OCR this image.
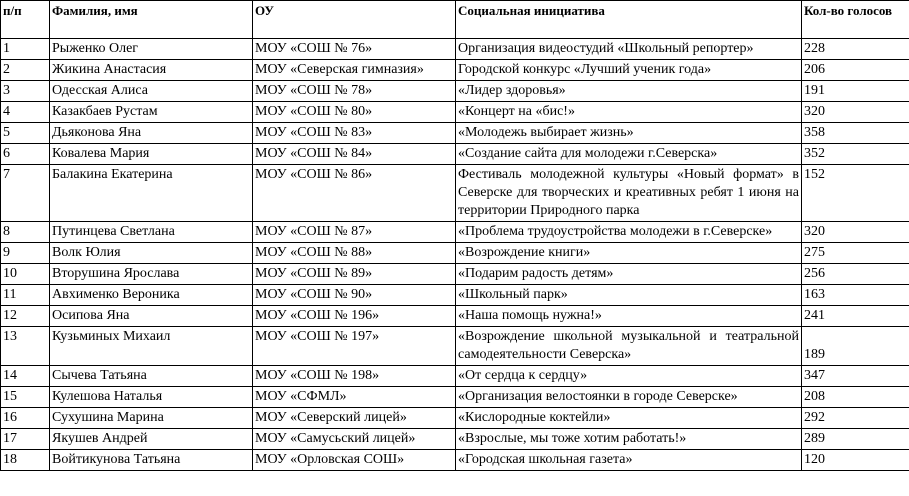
п/п	Фамилия, имя	ОУ	Социальная инициатива	Кол-во голосов
1	Рыженко Олег	МОУ «СОШ № 76»	Организация видеостудий «Школьный репортер»	228
2	Жикина Анастасия	МОУ «Северская гимназия»	Городской конкурс «Лучший ученик года»	206
3	Одесская Алиса	МОУ «СОШ № 78»	«Лидер здоровья»	191
4	Казакбаев Рустам	МОУ «СОШ № 80»	«Концерт на «бис!»	320
5	Дьяконова Яна	МОУ «СОШ № 83»	«Молодежь выбирает жизнь»	358
6	Ковалева Мария	МОУ «СОШ № 84»	«Создание сайта для молодежи г.Северска»	352
7	Балакина Екатерина	МОУ «СОШ № 86»	Фестиваль молодежной культуры «Новый формат» в Северске для творческих и креативных ребят 1 июня на территории Природного парка	152
8	Путинцева Светлана	МОУ «СОШ № 87»	«Проблема трудоустройства молодежи в г.Северске»	320
9	Волк Юлия	МОУ «СОШ № 88»	«Возрождение книги»	275
10	Вторушина Ярослава	МОУ «СОШ № 89»	«Подарим радость детям»	256
11	Авхименко Вероника	МОУ «СОШ № 90»	«Школьный парк»	163
12	Осипова Яна	МОУ «СОШ № 196»	«Наша помощь нужна!»	241
13	Кузьминых Михаил	МОУ «СОШ № 197»	«Возрождение школьной музыкальной и театральной самодеятельности Северска»	189
14	Сычева Татьяна	МОУ «СОШ № 198»	«От сердца к сердцу»	347
15	Кулешова Наталья	МОУ «СФМЛ»	«Организация велостоянки в городе Северске»	208
16	Сухушина Марина	МОУ «Северский лицей»	«Кислородные коктейли»	292
17	Якушев Андрей	МОУ «Самусьский лицей»	«Взрослые, мы тоже хотим работать!»	289
18	Войтикунова Татьяна	МОУ «Орловская СОШ»	«Городская школьная газета»	120
